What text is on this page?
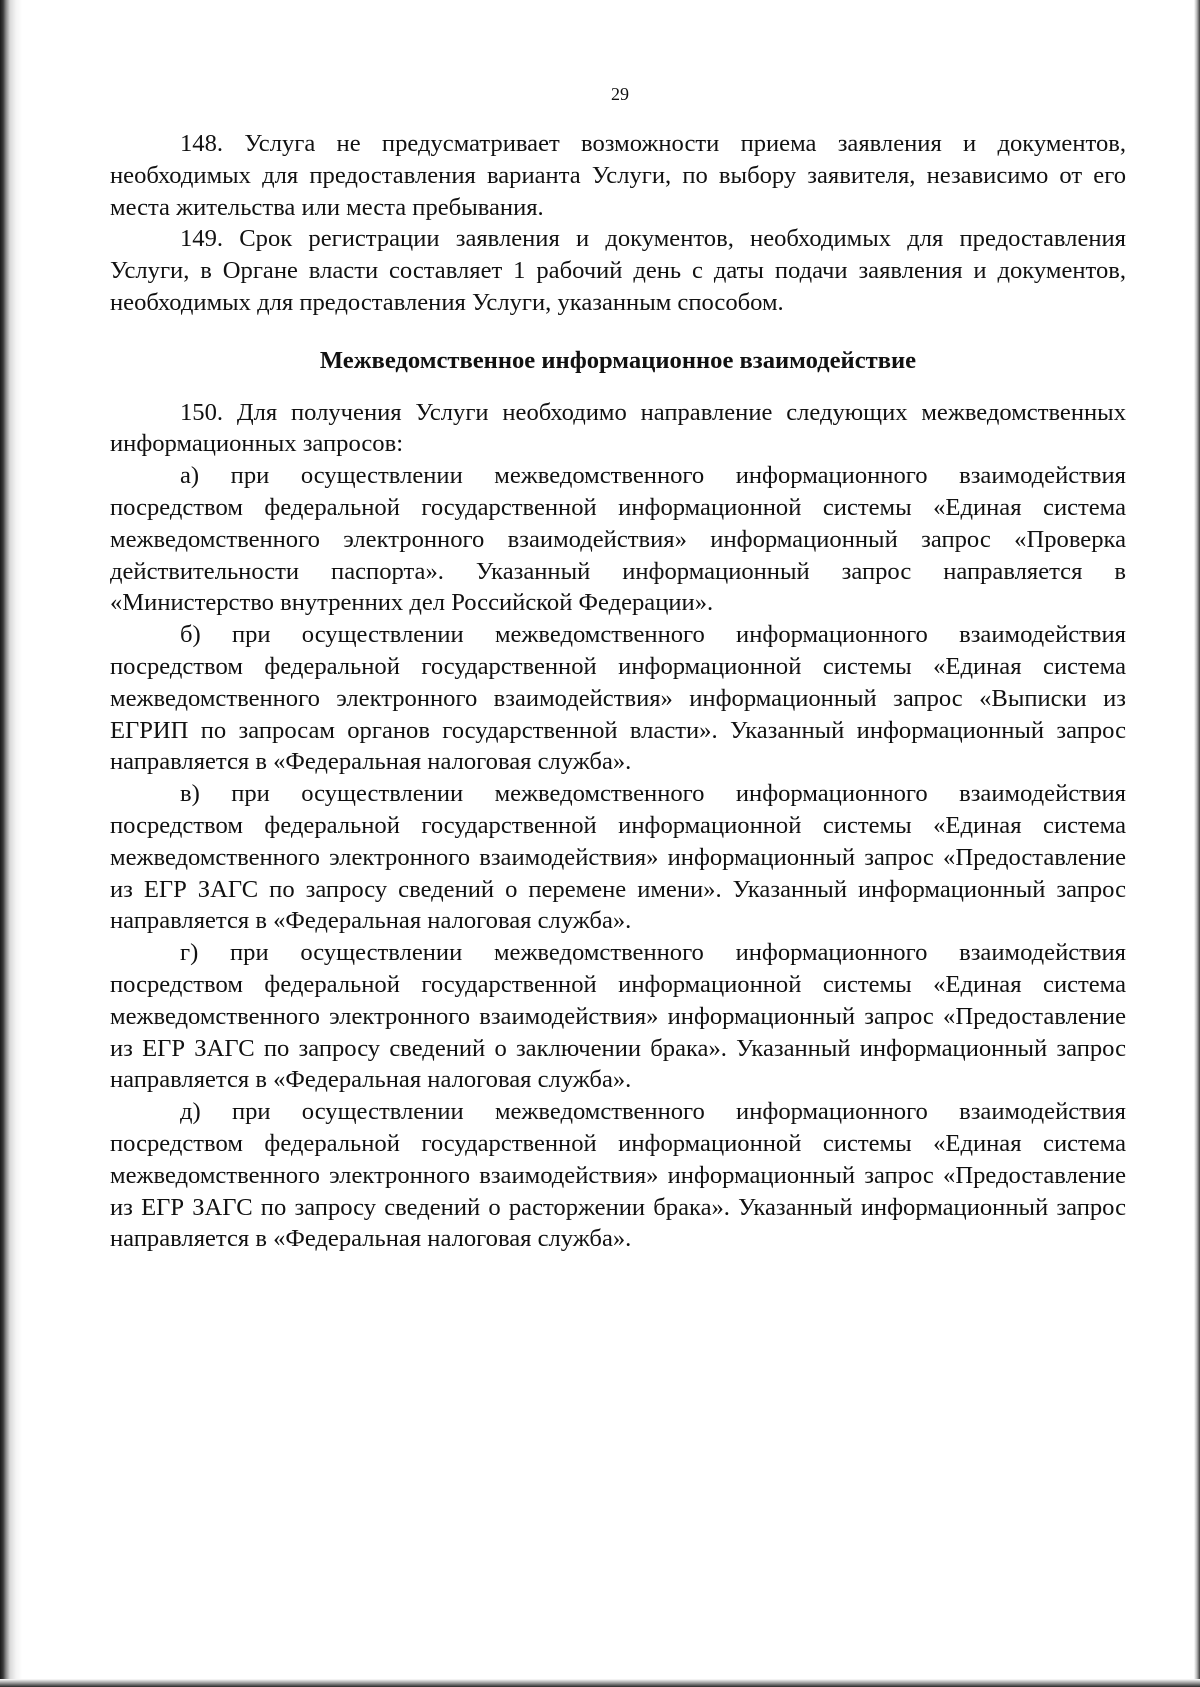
29

148. Услуга не предусматривает возможности приема заявления и документов, необходимых для предоставления варианта Услуги, по выбору заявителя, независимо от его места жительства или места пребывания.

149. Срок регистрации заявления и документов, необходимых для предоставления Услуги, в Органе власти составляет 1 рабочий день с даты подачи заявления и документов, необходимых для предоставления Услуги, указанным способом.

Межведомственное информационное взаимодействие

150. Для получения Услуги необходимо направление следующих межведомственных информационных запросов:

а) при осуществлении межведомственного информационного взаимодействия посредством федеральной государственной информационной системы «Единая система межведомственного электронного взаимодействия» информационный запрос «Проверка действительности паспорта». Указанный информационный запрос направляется в «Министерство внутренних дел Российской Федерации».

б) при осуществлении межведомственного информационного взаимодействия посредством федеральной государственной информационной системы «Единая система межведомственного электронного взаимодействия» информационный запрос «Выписки из ЕГРИП по запросам органов государственной власти». Указанный информационный запрос направляется в «Федеральная налоговая служба».

в) при осуществлении межведомственного информационного взаимодействия посредством федеральной государственной информационной системы «Единая система межведомственного электронного взаимодействия» информационный запрос «Предоставление из ЕГР ЗАГС по запросу сведений о перемене имени». Указанный информационный запрос направляется в «Федеральная налоговая служба».

г) при осуществлении межведомственного информационного взаимодействия посредством федеральной государственной информационной системы «Единая система межведомственного электронного взаимодействия» информационный запрос «Предоставление из ЕГР ЗАГС по запросу сведений о заключении брака». Указанный информационный запрос направляется в «Федеральная налоговая служба».

д) при осуществлении межведомственного информационного взаимодействия посредством федеральной государственной информационной системы «Единая система межведомственного электронного взаимодействия» информационный запрос «Предоставление из ЕГР ЗАГС по запросу сведений о расторжении брака». Указанный информационный запрос направляется в «Федеральная налоговая служба».
